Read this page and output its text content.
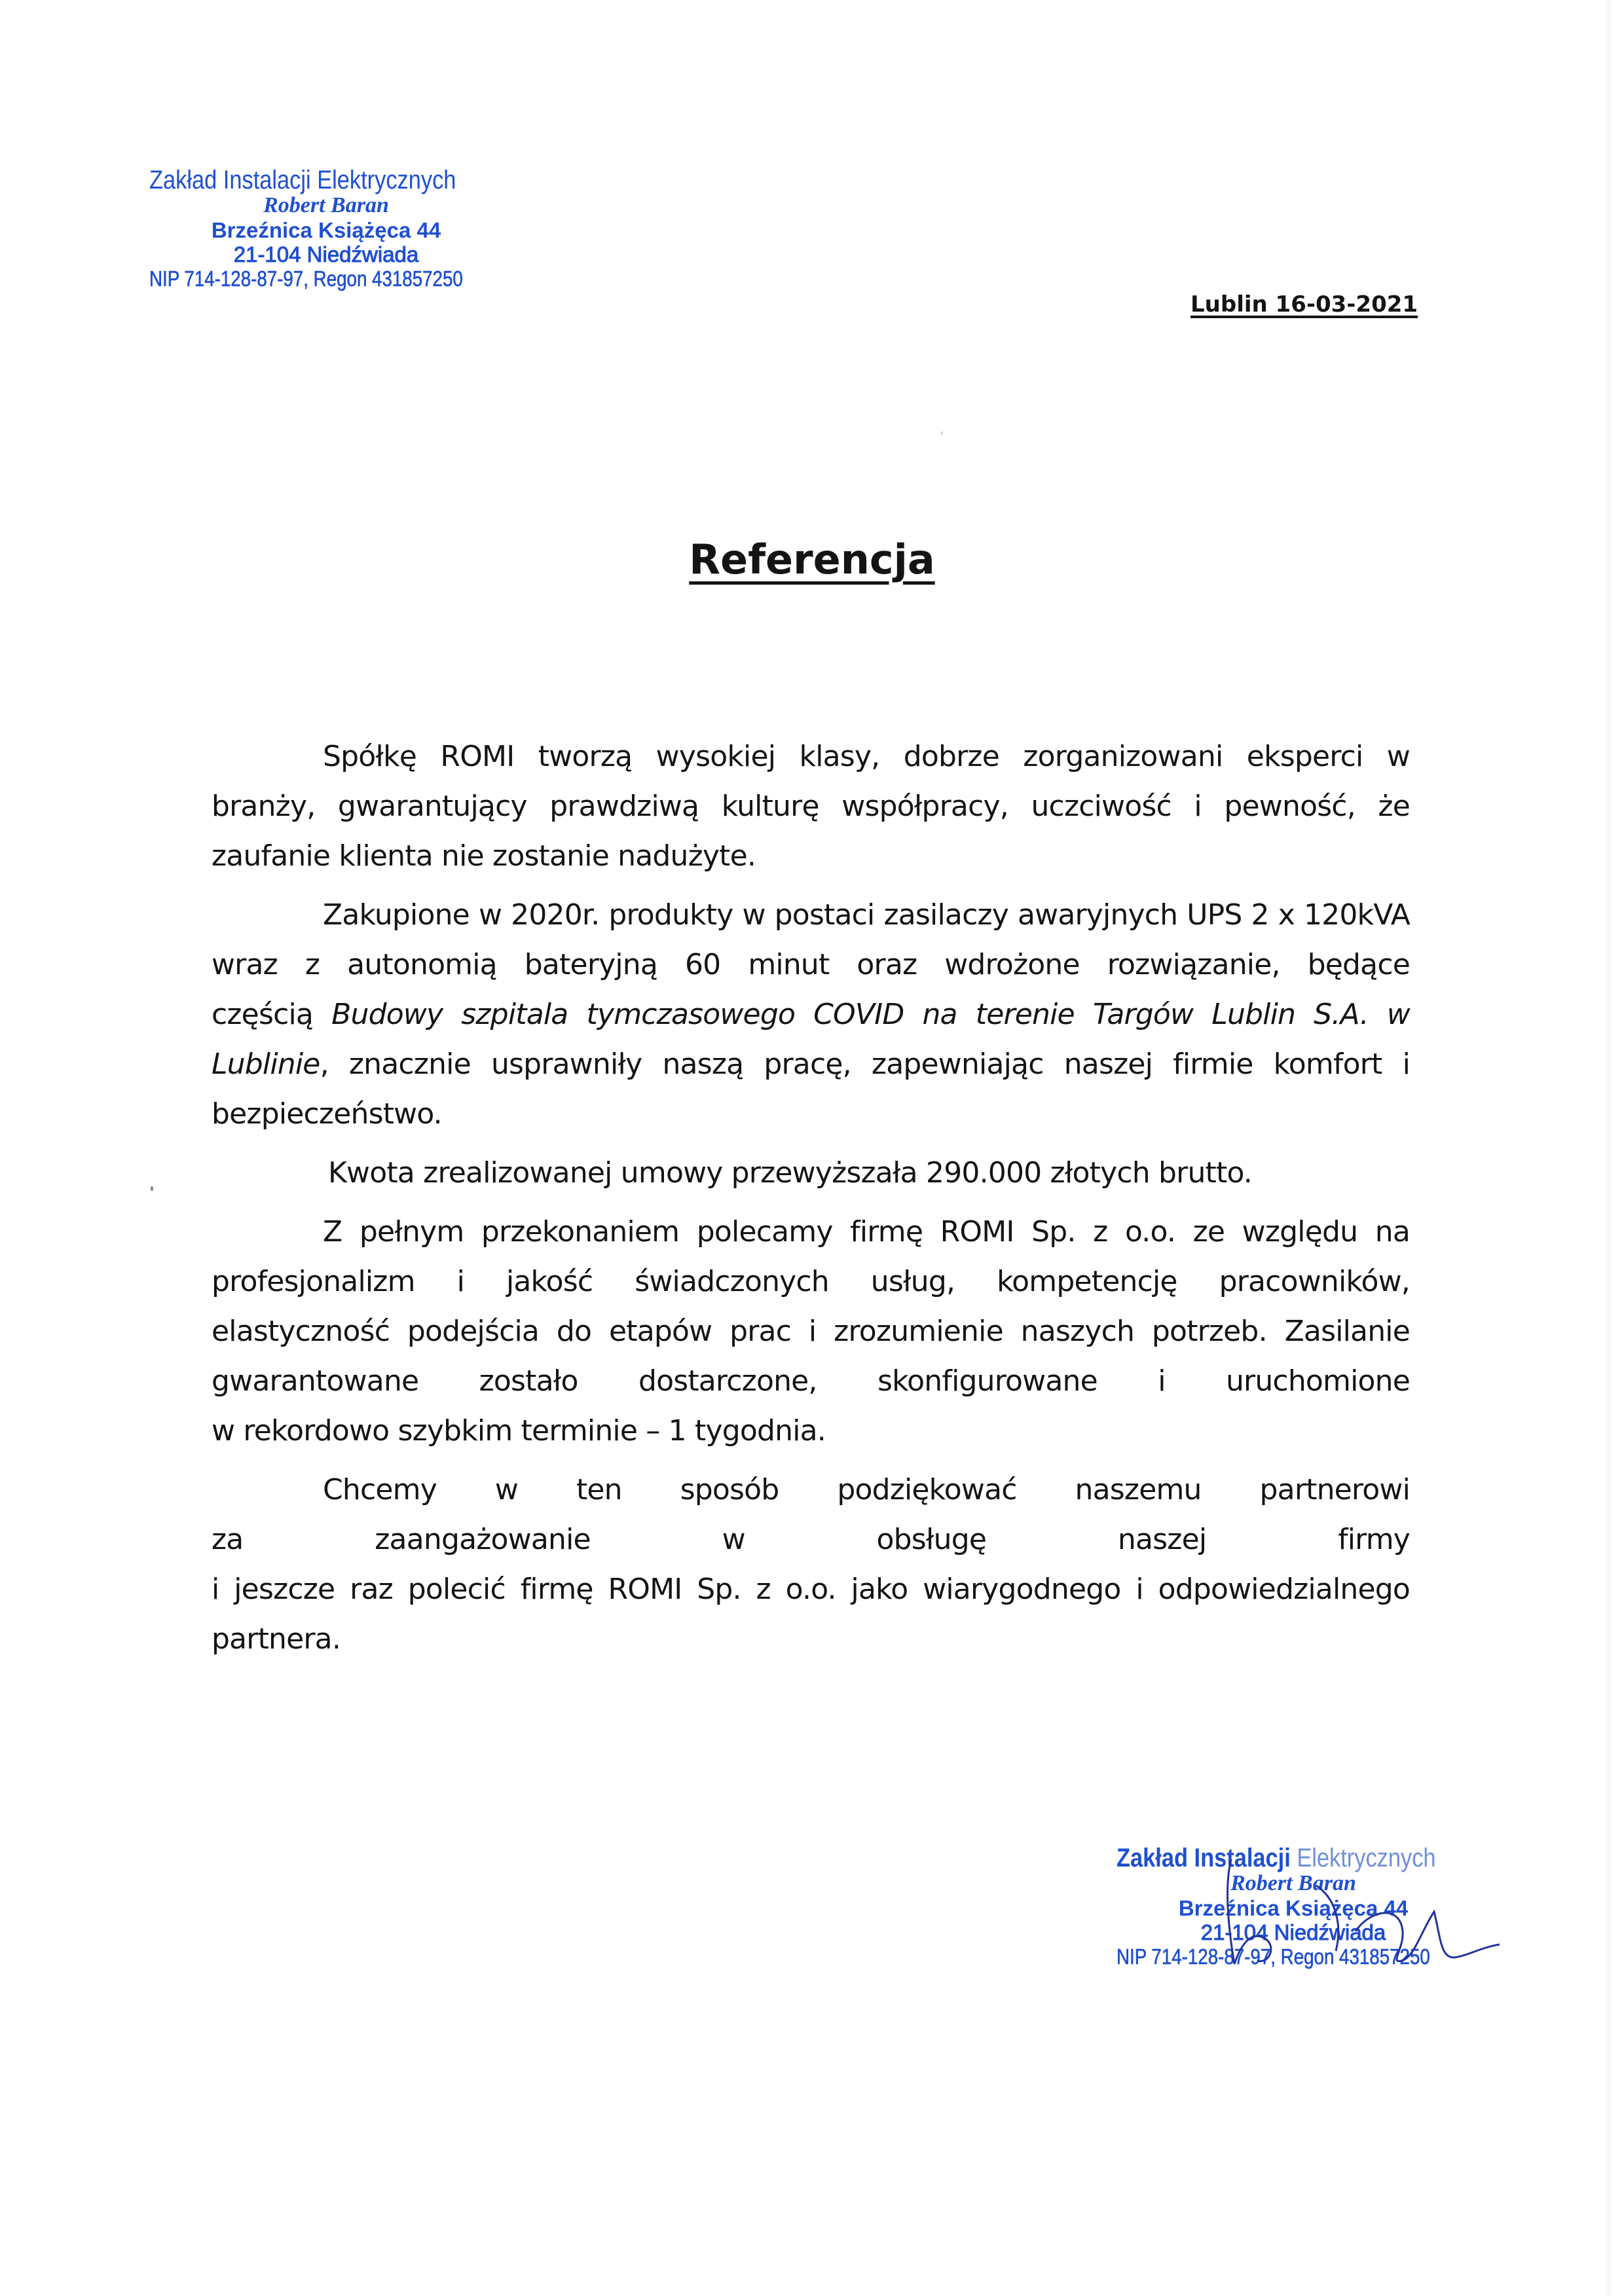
Zakład Instalacji Elektrycznych
Robert Baran
Brzeźnica Książęca 44
21-104 Niedźwiada
NIP 714-128-87-97, Regon 431857250
Lublin 16-03-2021
Referencja

Spółkę ROMI tworzą wysokiej klasy, dobrze zorganizowani eksperci w
branży, gwarantujący prawdziwą kulturę współpracy, uczciwość i pewność, że
zaufanie klienta nie zostanie nadużyte.

Zakupione w 2020r. produkty w postaci zasilaczy awaryjnych UPS 2 x 120kVA
wraz z autonomią bateryjną 60 minut oraz wdrożone rozwiązanie, będące
częścią Budowy szpitala tymczasowego COVID na terenie Targów Lublin S.A. w
Lublinie, znacznie usprawniły naszą pracę, zapewniając naszej firmie komfort i
bezpieczeństwo.

Kwota zrealizowanej umowy przewyższała 290.000 złotych brutto.

Z pełnym przekonaniem polecamy firmę ROMI Sp. z o.o. ze względu na
profesjonalizm i jakość świadczonych usług, kompetencję pracowników,
elastyczność podejścia do etapów prac i zrozumienie naszych potrzeb. Zasilanie
gwarantowane zostało dostarczone, skonfigurowane i uruchomione
w rekordowo szybkim terminie – 1 tygodnia.

Chcemy w ten sposób podziękować naszemu partnerowi
za zaangażowanie w obsługę naszej firmy
i jeszcze raz polecić firmę ROMI Sp. z o.o. jako wiarygodnego i odpowiedzialnego
partnera.

Zakład Instalacji Elektrycznych
Robert Baran
Brzeźnica Książęca 44
21-104 Niedźwiada
NIP 714-128-87-97, Regon 431857250
